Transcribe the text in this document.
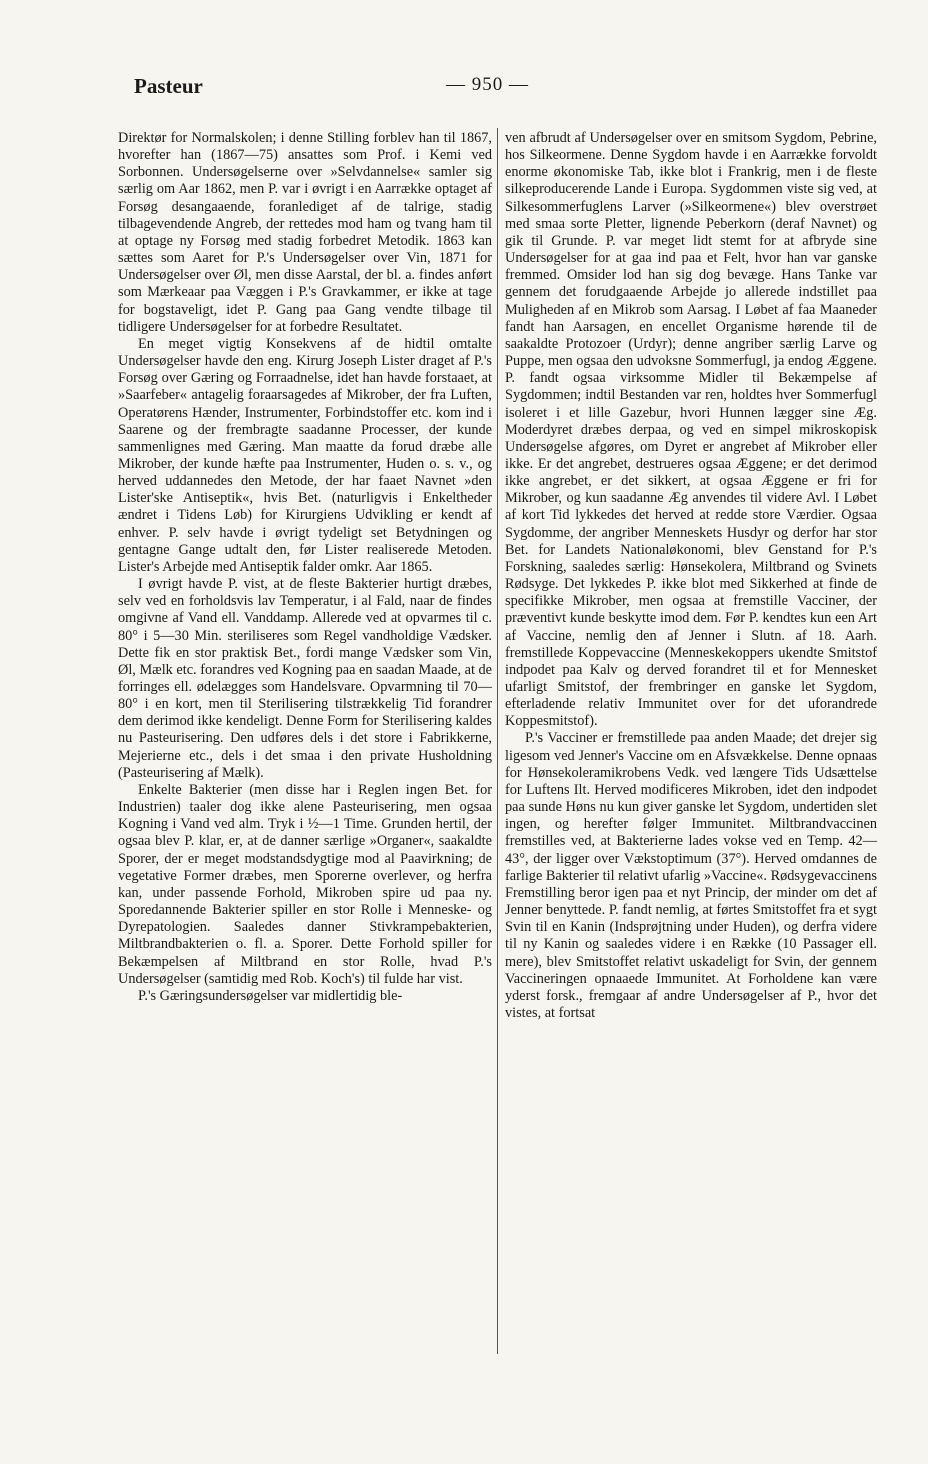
Pasteur	— 950 —

Direktør for Normalskolen; i denne Stilling forblev han til 1867, hvorefter han (1867—75) ansattes som Prof. i Kemi ved Sorbonnen. Undersøgelserne over »Selvdannelse« samler sig særlig om Aar 1862, men P. var i øvrigt i en Aarrække optaget af Forsøg desangaaende, foranlediget af de talrige, stadig tilbagevendende Angreb, der rettedes mod ham og tvang ham til at optage ny Forsøg med stadig forbedret Metodik. 1863 kan sættes som Aaret for P.'s Undersøgelser over Vin, 1871 for Undersøgelser over Øl, men disse Aarstal, der bl. a. findes anført som Mærkeaar paa Væggen i P.'s Gravkammer, er ikke at tage for bogstaveligt, idet P. Gang paa Gang vendte tilbage til tidligere Undersøgelser for at forbedre Resultatet.

En meget vigtig Konsekvens af de hidtil omtalte Undersøgelser havde den eng. Kirurg Joseph Lister draget af P.'s Forsøg over Gæring og Forraadnelse, idet han havde forstaaet, at »Saarfeber« antagelig foraarsagedes af Mikrober, der fra Luften, Operatørens Hænder, Instrumenter, Forbindstoffer etc. kom ind i Saarene og der frembragte saadanne Processer, der kunde sammenlignes med Gæring. Man maatte da forud dræbe alle Mikrober, der kunde hæfte paa Instrumenter, Huden o. s. v., og herved uddannedes den Metode, der har faaet Navnet »den Lister'ske Antiseptik«, hvis Bet. (naturligvis i Enkeltheder ændret i Tidens Løb) for Kirurgiens Udvikling er kendt af enhver. P. selv havde i øvrigt tydeligt set Betydningen og gentagne Gange udtalt den, før Lister realiserede Metoden. Lister's Arbejde med Antiseptik falder omkr. Aar 1865.

I øvrigt havde P. vist, at de fleste Bakterier hurtigt dræbes, selv ved en forholdsvis lav Temperatur, i al Fald, naar de findes omgivne af Vand ell. Vanddamp. Allerede ved at opvarmes til c. 80° i 5—30 Min. steriliseres som Regel vandholdige Vædsker. Dette fik en stor praktisk Bet., fordi mange Vædsker som Vin, Øl, Mælk etc. forandres ved Kogning paa en saadan Maade, at de forringes ell. ødelægges som Handelsvare. Opvarmning til 70—80° i en kort, men til Sterilisering tilstrækkelig Tid forandrer dem derimod ikke kendeligt. Denne Form for Sterilisering kaldes nu Pasteurisering. Den udføres dels i det store i Fabrikkerne, Mejerierne etc., dels i det smaa i den private Husholdning (Pasteurisering af Mælk).

Enkelte Bakterier (men disse har i Reglen ingen Bet. for Industrien) taaler dog ikke alene Pasteurisering, men ogsaa Kogning i Vand ved alm. Tryk i ½—1 Time. Grunden hertil, der ogsaa blev P. klar, er, at de danner særlige »Organer«, saakaldte Sporer, der er meget modstandsdygtige mod al Paavirkning; de vegetative Former dræbes, men Sporerne overlever, og herfra kan, under passende Forhold, Mikroben spire ud paa ny. Sporedannende Bakterier spiller en stor Rolle i Menneske- og Dyrepatologien. Saaledes danner Stivkrampebakterien, Miltbrandbakterien o. fl. a. Sporer. Dette Forhold spiller for Bekæmpelsen af Miltbrand en stor Rolle, hvad P.'s Undersøgelser (samtidig med Rob. Koch's) til fulde har vist.

P.'s Gæringsundersøgelser var midlertidig ble-

ven afbrudt af Undersøgelser over en smitsom Sygdom, Pebrine, hos Silkeormene. Denne Sygdom havde i en Aarrække forvoldt enorme økonomiske Tab, ikke blot i Frankrig, men i de fleste silkeproducerende Lande i Europa. Sygdommen viste sig ved, at Silkesommerfuglens Larver (»Silkeormene«) blev overstrøet med smaa sorte Pletter, lignende Peberkorn (deraf Navnet) og gik til Grunde. P. var meget lidt stemt for at afbryde sine Undersøgelser for at gaa ind paa et Felt, hvor han var ganske fremmed. Omsider lod han sig dog bevæge. Hans Tanke var gennem det forudgaaende Arbejde jo allerede indstillet paa Muligheden af en Mikrob som Aarsag. I Løbet af faa Maaneder fandt han Aarsagen, en encellet Organisme hørende til de saakaldte Protozoer (Urdyr); denne angriber særlig Larve og Puppe, men ogsaa den udvoksne Sommerfugl, ja endog Æggene. P. fandt ogsaa virksomme Midler til Bekæmpelse af Sygdommen; indtil Bestanden var ren, holdtes hver Sommerfugl isoleret i et lille Gazebur, hvori Hunnen lægger sine Æg. Moderdyret dræbes derpaa, og ved en simpel mikroskopisk Undersøgelse afgøres, om Dyret er angrebet af Mikrober eller ikke. Er det angrebet, destrueres ogsaa Æggene; er det derimod ikke angrebet, er det sikkert, at ogsaa Æggene er fri for Mikrober, og kun saadanne Æg anvendes til videre Avl. I Løbet af kort Tid lykkedes det herved at redde store Værdier. Ogsaa Sygdomme, der angriber Menneskets Husdyr og derfor har stor Bet. for Landets Nationaløkonomi, blev Genstand for P.'s Forskning, saaledes særlig: Hønsekolera, Miltbrand og Svinets Rødsyge. Det lykkedes P. ikke blot med Sikkerhed at finde de specifikke Mikrober, men ogsaa at fremstille Vacciner, der præventivt kunde beskytte imod dem. Før P. kendtes kun een Art af Vaccine, nemlig den af Jenner i Slutn. af 18. Aarh. fremstillede Koppevaccine (Menneskekoppers ukendte Smitstof indpodet paa Kalv og derved forandret til et for Mennesket ufarligt Smitstof, der frembringer en ganske let Sygdom, efterladende relativ Immunitet over for det uforandrede Koppesmitstof).

P.'s Vacciner er fremstillede paa anden Maade; det drejer sig ligesom ved Jenner's Vaccine om en Afsvækkelse. Denne opnaas for Hønsekoleramikrobens Vedk. ved længere Tids Udsættelse for Luftens Ilt. Herved modificeres Mikroben, idet den indpodet paa sunde Høns nu kun giver ganske let Sygdom, undertiden slet ingen, og herefter følger Immunitet. Miltbrandvaccinen fremstilles ved, at Bakterierne lades vokse ved en Temp. 42—43°, der ligger over Vækstoptimum (37°). Herved omdannes de farlige Bakterier til relativt ufarlig »Vaccine«. Rødsygevaccinens Fremstilling beror igen paa et nyt Princip, der minder om det af Jenner benyttede. P. fandt nemlig, at førtes Smitstoffet fra et sygt Svin til en Kanin (Indsprøjtning under Huden), og derfra videre til ny Kanin og saaledes videre i en Række (10 Passager ell. mere), blev Smitstoffet relativt uskadeligt for Svin, der gennem Vaccineringen opnaaede Immunitet. At Forholdene kan være yderst forsk., fremgaar af andre Undersøgelser af P., hvor det vistes, at fortsat
